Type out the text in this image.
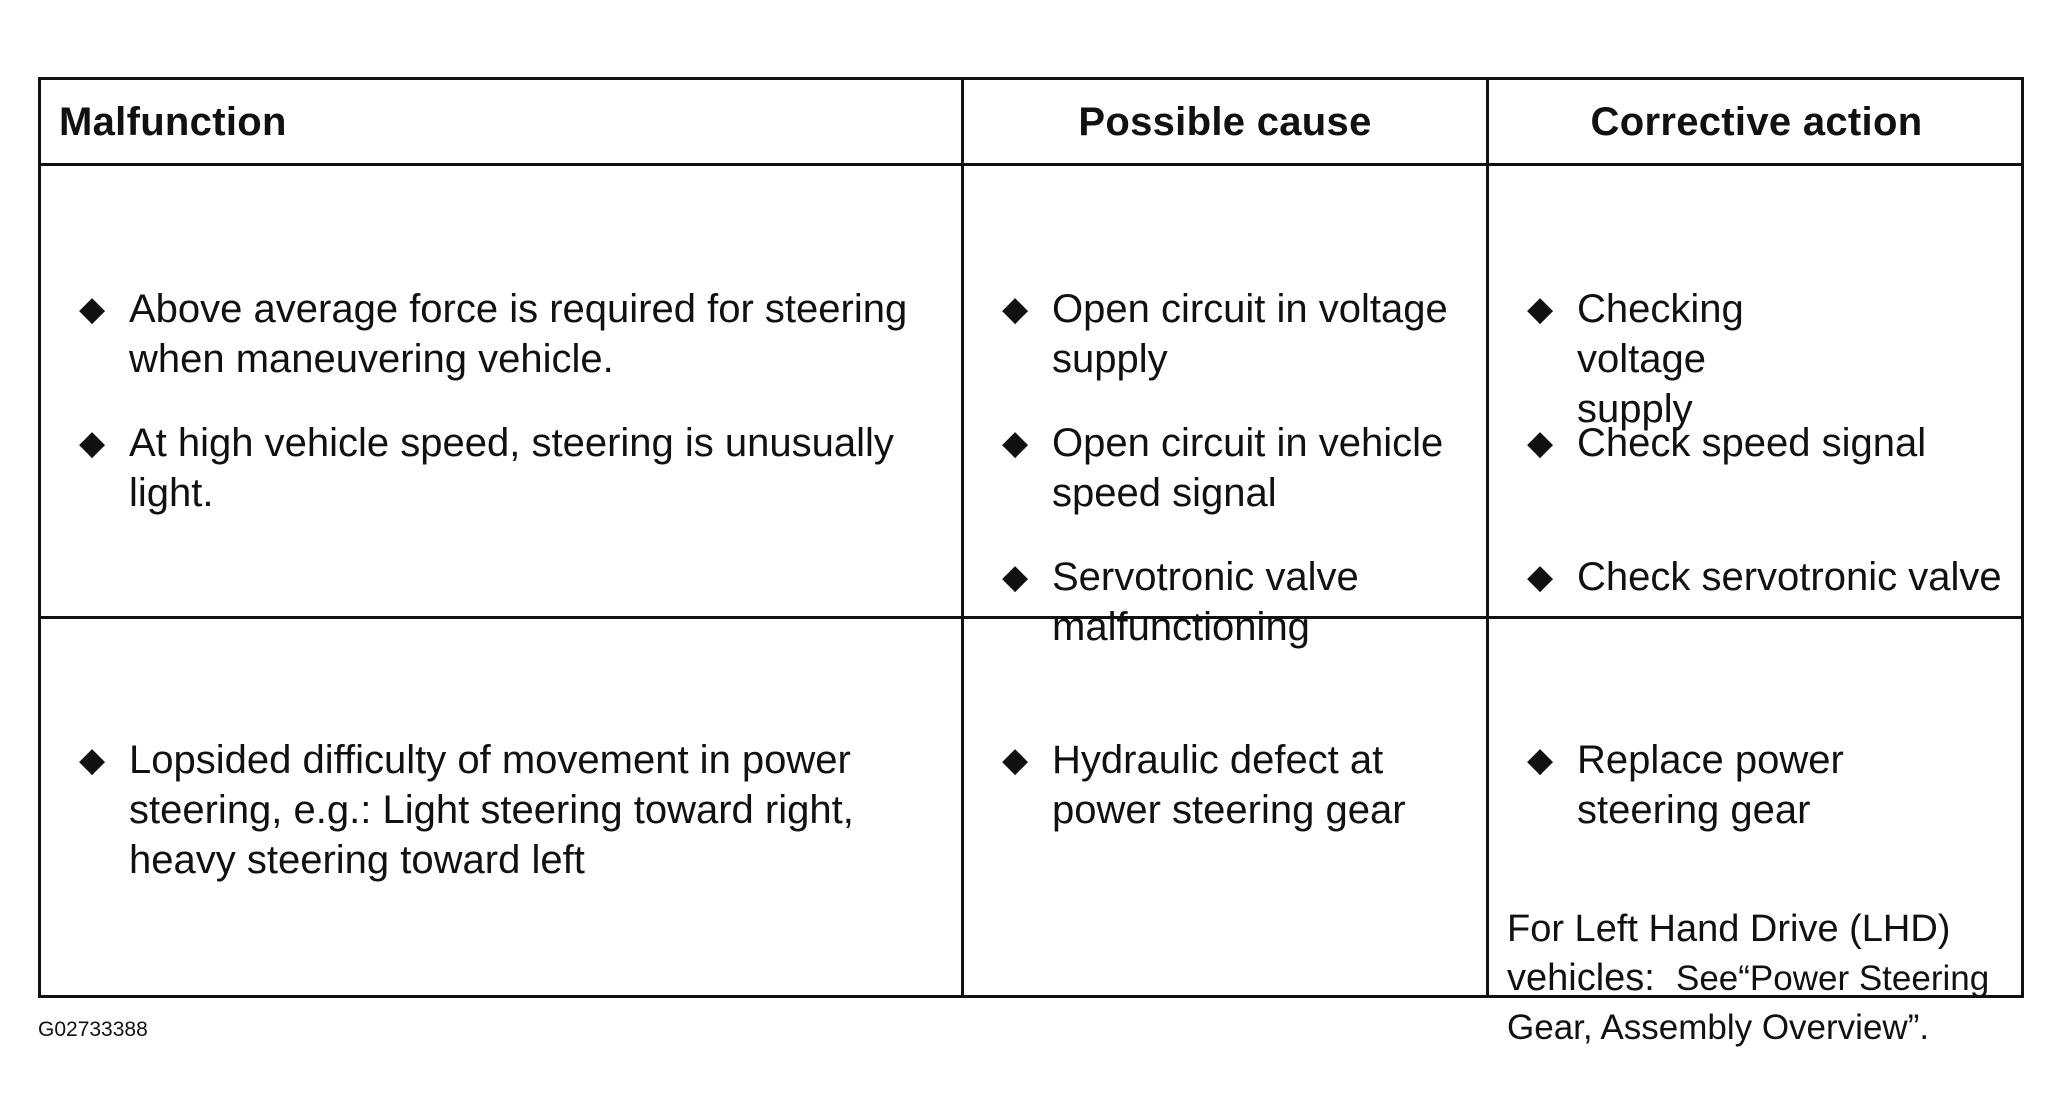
Malfunction	Possible cause	Corrective action
◆ Above average force is required for steering when maneuvering vehicle.
◆ At high vehicle speed, steering is unusually light.
◆ Open circuit in voltage supply
◆ Open circuit in vehicle speed signal
◆ Servotronic valve malfunctioning
◆ Checking voltage supply
◆ Check speed signal
◆ Check servotronic valve
◆ Lopsided difficulty of movement in power steering, e.g.: Light steering toward right, heavy steering toward left
◆ Hydraulic defect at power steering gear
◆ Replace power steering gear
For Left Hand Drive (LHD)
vehicles: See“Power Steering
Gear, Assembly Overview”.
G02733388
